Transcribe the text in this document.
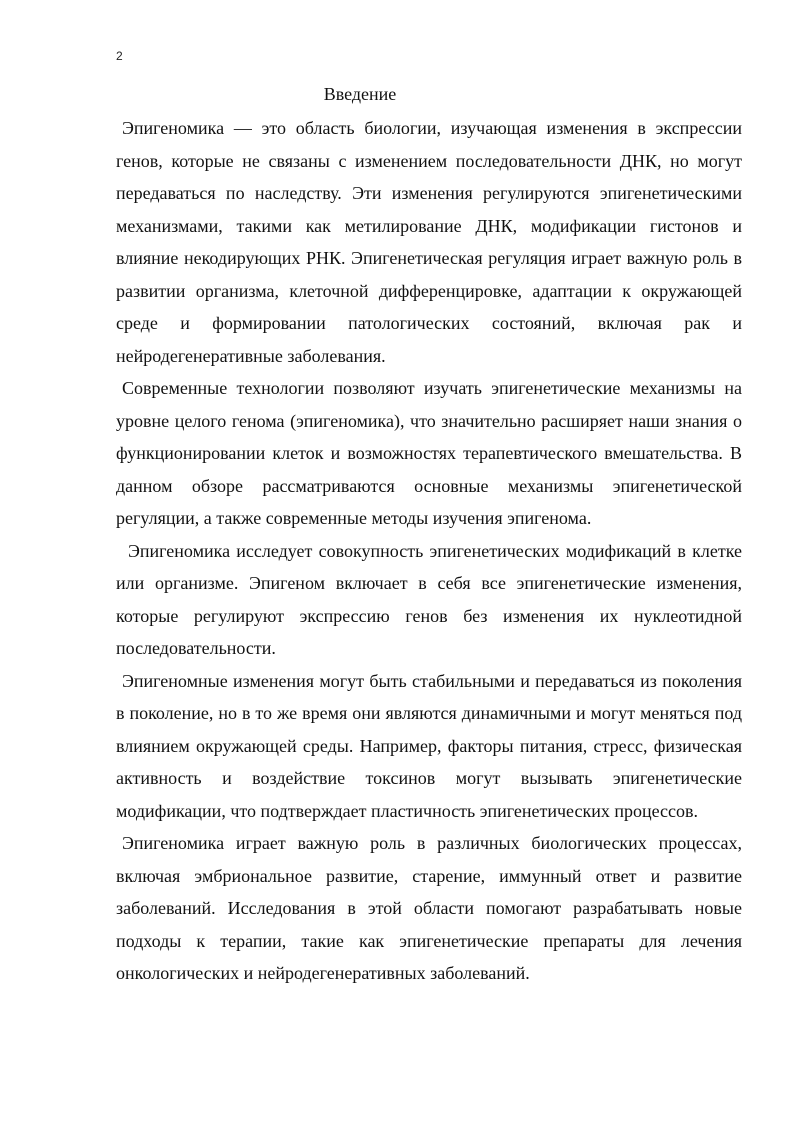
2
Введение

Эпигеномика — это область биологии, изучающая изменения в экспрессии генов, которые не связаны с изменением последовательности ДНК, но могут передаваться по наследству. Эти изменения регулируются эпигенетическими механизмами, такими как метилирование ДНК, модификации гистонов и влияние некодирующих РНК. Эпигенетическая регуляция играет важную роль в развитии организма, клеточной дифференцировке, адаптации к окружающей среде и формировании патологических состояний, включая рак и нейродегенеративные заболевания.

Современные технологии позволяют изучать эпигенетические механизмы на уровне целого генома (эпигеномика), что значительно расширяет наши знания о функционировании клеток и возможностях терапевтического вмешательства. В данном обзоре рассматриваются основные механизмы эпигенетической регуляции, а также современные методы изучения эпигенома.

Эпигеномика исследует совокупность эпигенетических модификаций в клетке или организме. Эпигеном включает в себя все эпигенетические изменения, которые регулируют экспрессию генов без изменения их нуклеотидной последовательности.

Эпигеномные изменения могут быть стабильными и передаваться из поколения в поколение, но в то же время они являются динамичными и могут меняться под влиянием окружающей среды. Например, факторы питания, стресс, физическая активность и воздействие токсинов могут вызывать эпигенетические модификации, что подтверждает пластичность эпигенетических процессов.

Эпигеномика играет важную роль в различных биологических процессах, включая эмбриональное развитие, старение, иммунный ответ и развитие заболеваний. Исследования в этой области помогают разрабатывать новые подходы к терапии, такие как эпигенетические препараты для лечения онкологических и нейродегенеративных заболеваний.
